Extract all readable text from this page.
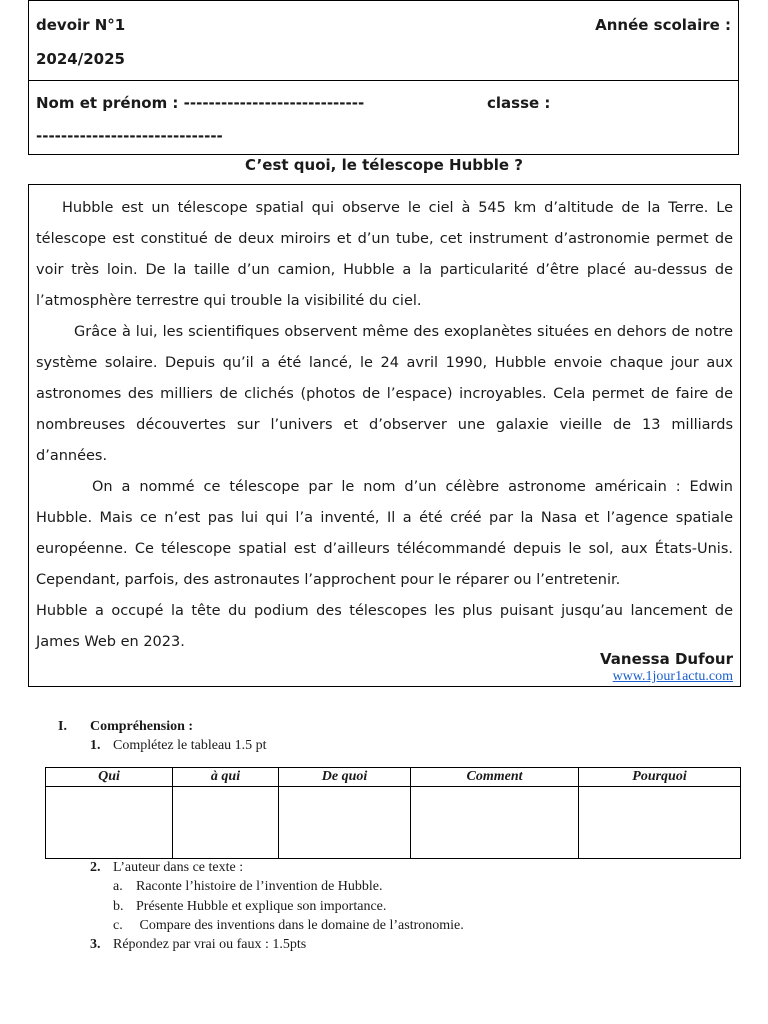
devoir N°1	Année scolaire :
2024/2025
Nom et prénom : -----------------------------	classe :
------------------------------
C’est quoi, le télescope Hubble ?

Hubble est un télescope spatial qui observe le ciel à 545 km d’altitude de la Terre. Le télescope est constitué de deux miroirs et d’un tube, cet instrument d’astronomie permet de voir très loin. De la taille d’un camion, Hubble a la particularité d’être placé au-dessus de l’atmosphère terrestre qui trouble la visibilité du ciel.

Grâce à lui, les scientifiques observent même des exoplanètes situées en dehors de notre système solaire. Depuis qu’il a été lancé, le 24 avril 1990, Hubble envoie chaque jour aux astronomes des milliers de clichés (photos de l’espace) incroyables. Cela permet de faire de nombreuses découvertes sur l’univers et d’observer une galaxie vieille de 13 milliards d’années.

On a nommé ce télescope par le nom d’un célèbre astronome américain : Edwin Hubble. Mais ce n’est pas lui qui l’a inventé, Il a été créé par la Nasa et l’agence spatiale européenne. Ce télescope spatial est d’ailleurs télécommandé depuis le sol, aux États-Unis. Cependant, parfois, des astronautes l’approchent pour le réparer ou l’entretenir.

Hubble a occupé la tête du podium des télescopes les plus puisant jusqu’au lancement de James Web en 2023.

Vanessa Dufour
www.1jour1actu.com
I. Compréhension :
1. Complétez le tableau 1.5 pt
Qui	à qui	De quoi	Comment	Pourquoi

2. L’auteur dans ce texte :
a. Raconte l’histoire de l’invention de Hubble.
b. Présente Hubble et explique son importance.
c. Compare des inventions dans le domaine de l’astronomie.
3. Répondez par vrai ou faux : 1.5pts
